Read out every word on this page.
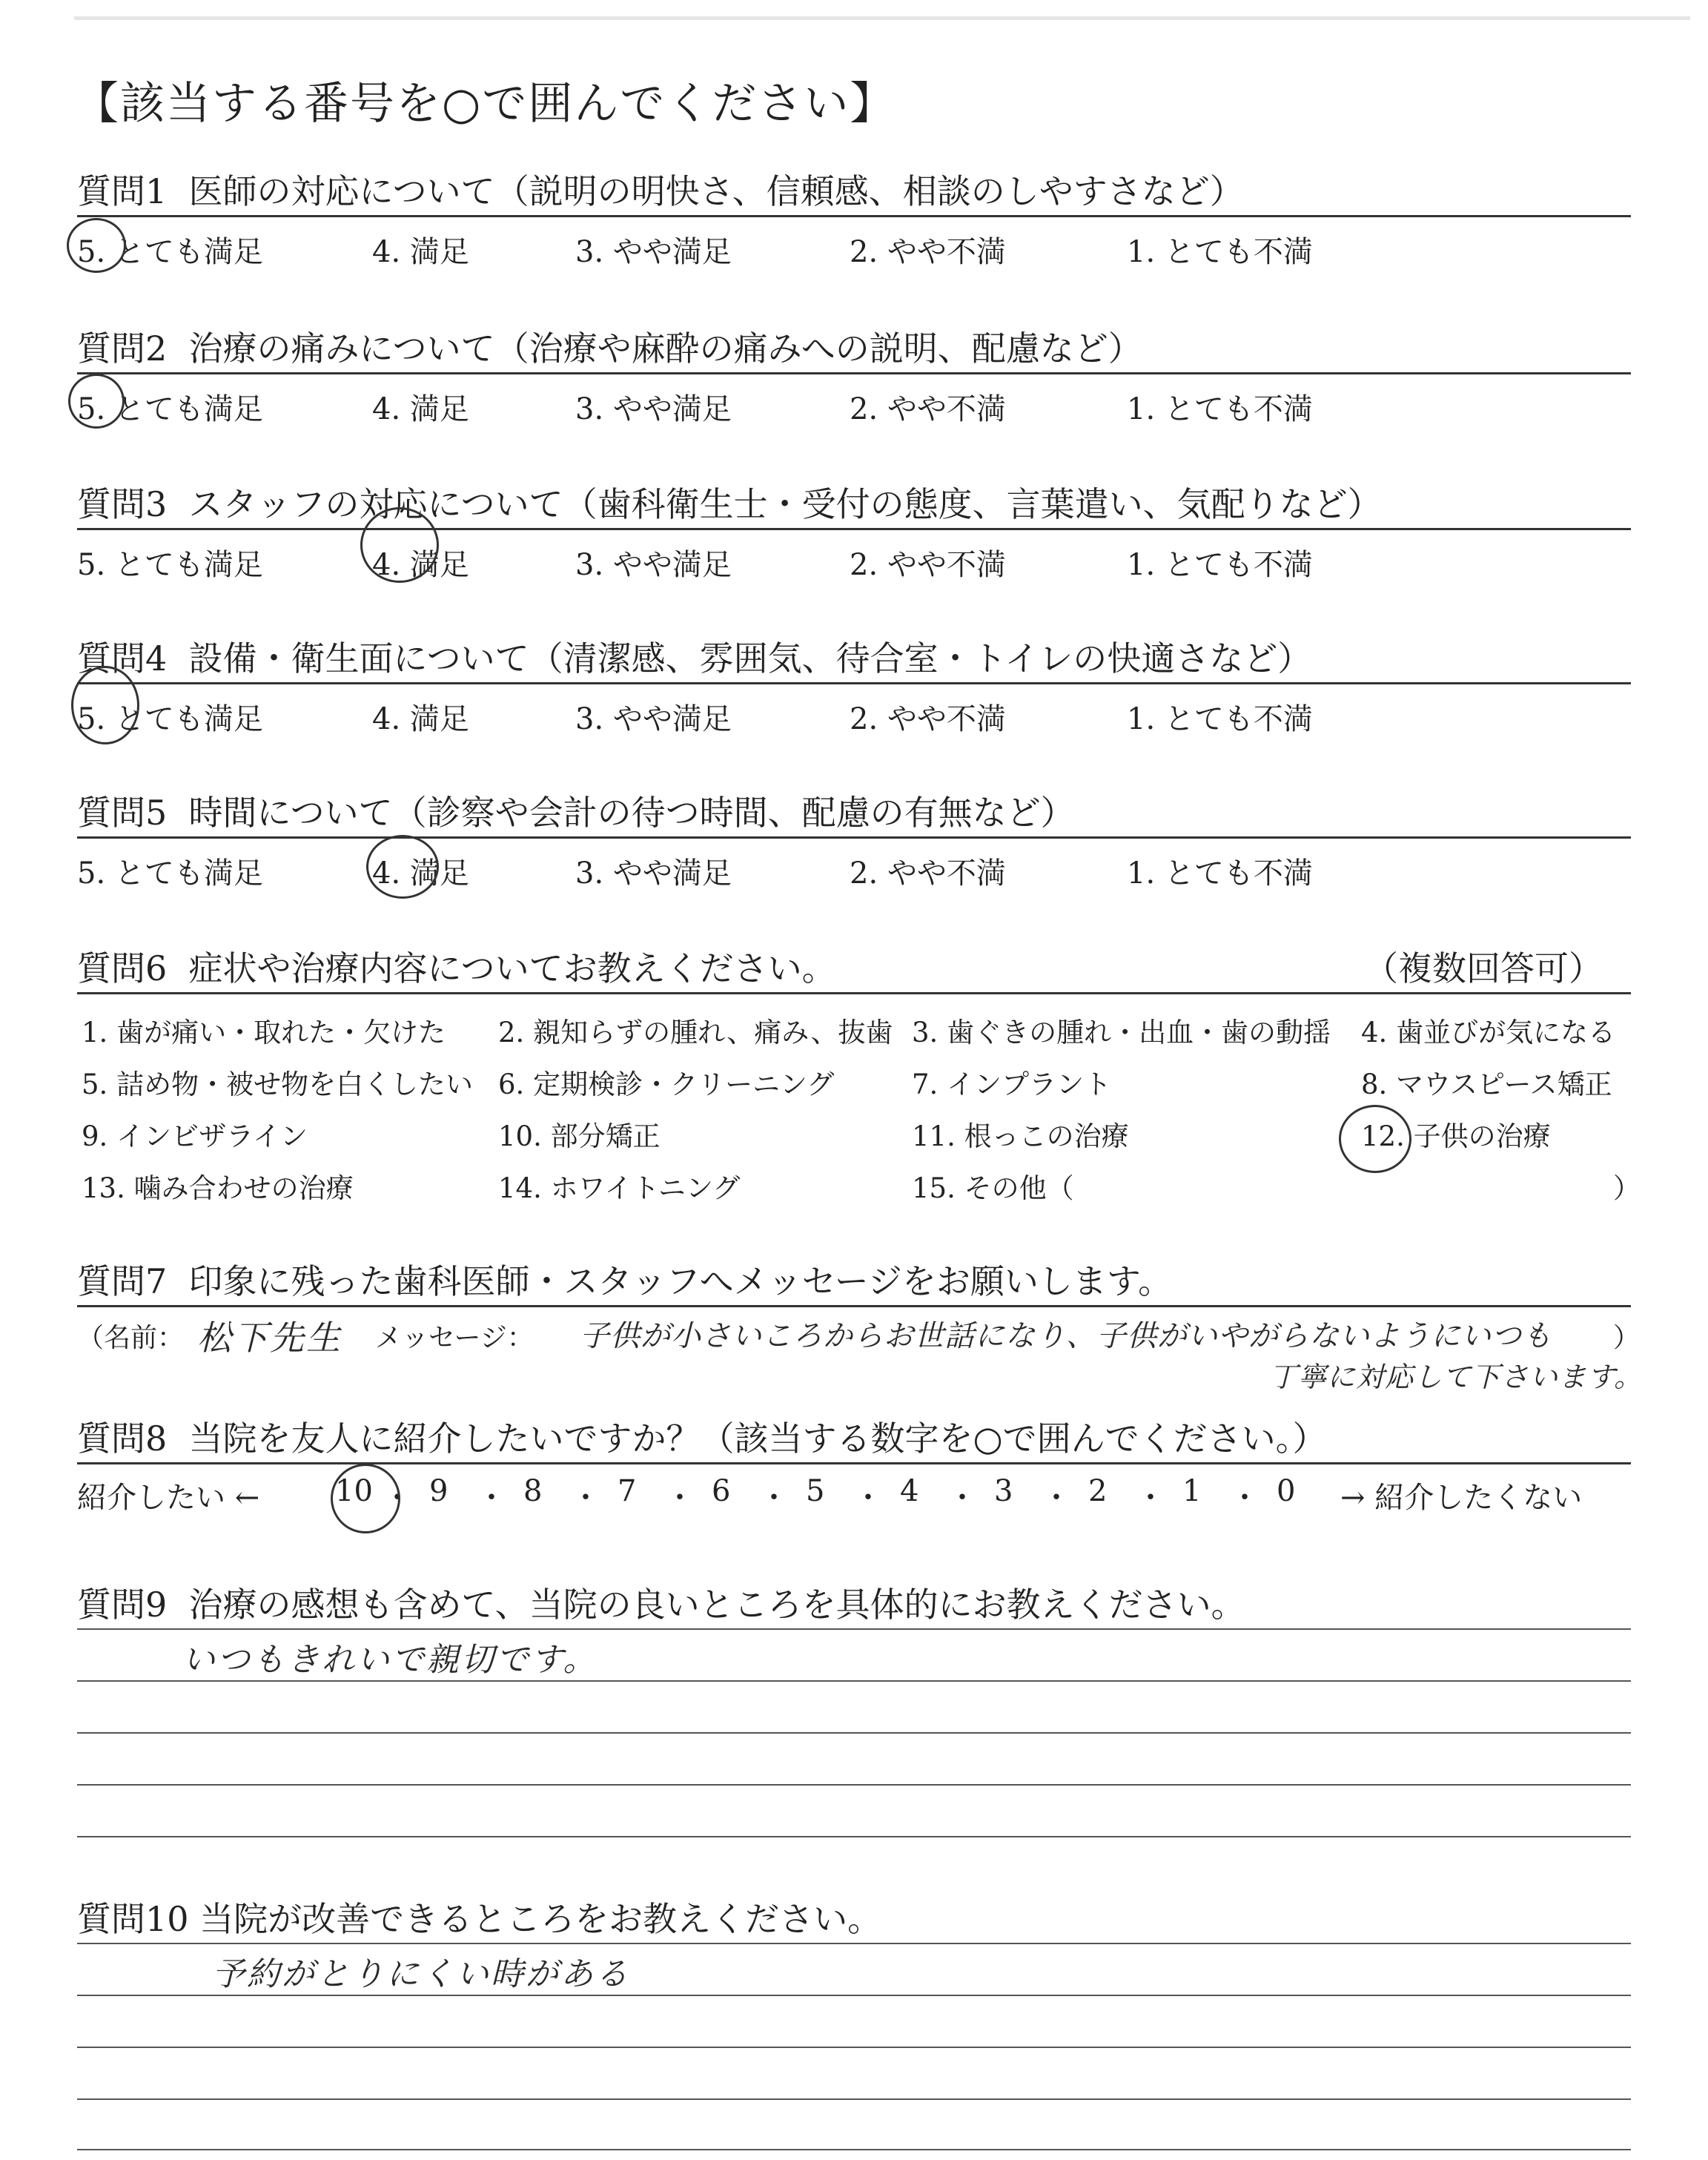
【該当する番号を○で囲んでください】
質問1 医師の対応について（説明の明快さ、信頼感、相談のしやすさなど）
5. とても満足	4. 満足	3. やや満足	2. やや不満	1. とても不満
質問2 治療の痛みについて（治療や麻酔の痛みへの説明、配慮など）
5. とても満足	4. 満足	3. やや満足	2. やや不満	1. とても不満
質問3 スタッフの対応について（歯科衛生士・受付の態度、言葉遣い、気配りなど）
5. とても満足	4. 満足	3. やや満足	2. やや不満	1. とても不満
質問4 設備・衛生面について（清潔感、雰囲気、待合室・トイレの快適さなど）
5. とても満足	4. 満足	3. やや満足	2. やや不満	1. とても不満
質問5 時間について（診察や会計の待つ時間、配慮の有無など）
5. とても満足	4. 満足	3. やや満足	2. やや不満	1. とても不満
質問6 症状や治療内容についてお教えください。	（複数回答可）
1. 歯が痛い・取れた・欠けた 2. 親知らずの腫れ、痛み、抜歯 3. 歯ぐきの腫れ・出血・歯の動揺 4. 歯並びが気になる
5. 詰め物・被せ物を白くしたい 6. 定期検診・クリーニング	7. インプラント	8. マウスピース矯正
9. インビザライン	10. 部分矯正	11. 根っこの治療	12. 子供の治療
13. 噛み合わせの治療	14. ホワイトニング	15. その他（	）
質問7 印象に残った歯科医師・スタッフへメッセージをお願いします。
（名前： 松下先生 メッセージ： 子供が小さいころからお世話になり、子供がいやがらないようにいつも
丁寧に対応して下さいます。
）
質問8 当院を友人に紹介したいですか？（該当する数字を○で囲んでください。）
紹介したい ←	→ 紹介したくない
10 ・ 9 ・ 8 ・ 7 ・ 6 ・ 5 ・ 4 ・ 3 ・ 2 ・ 1 ・ 0
質問9 治療の感想も含めて、当院の良いところを具体的にお教えください。
いつもきれいで親切です。
質問10 当院が改善できるところをお教えください。
予約がとりにくい時がある
